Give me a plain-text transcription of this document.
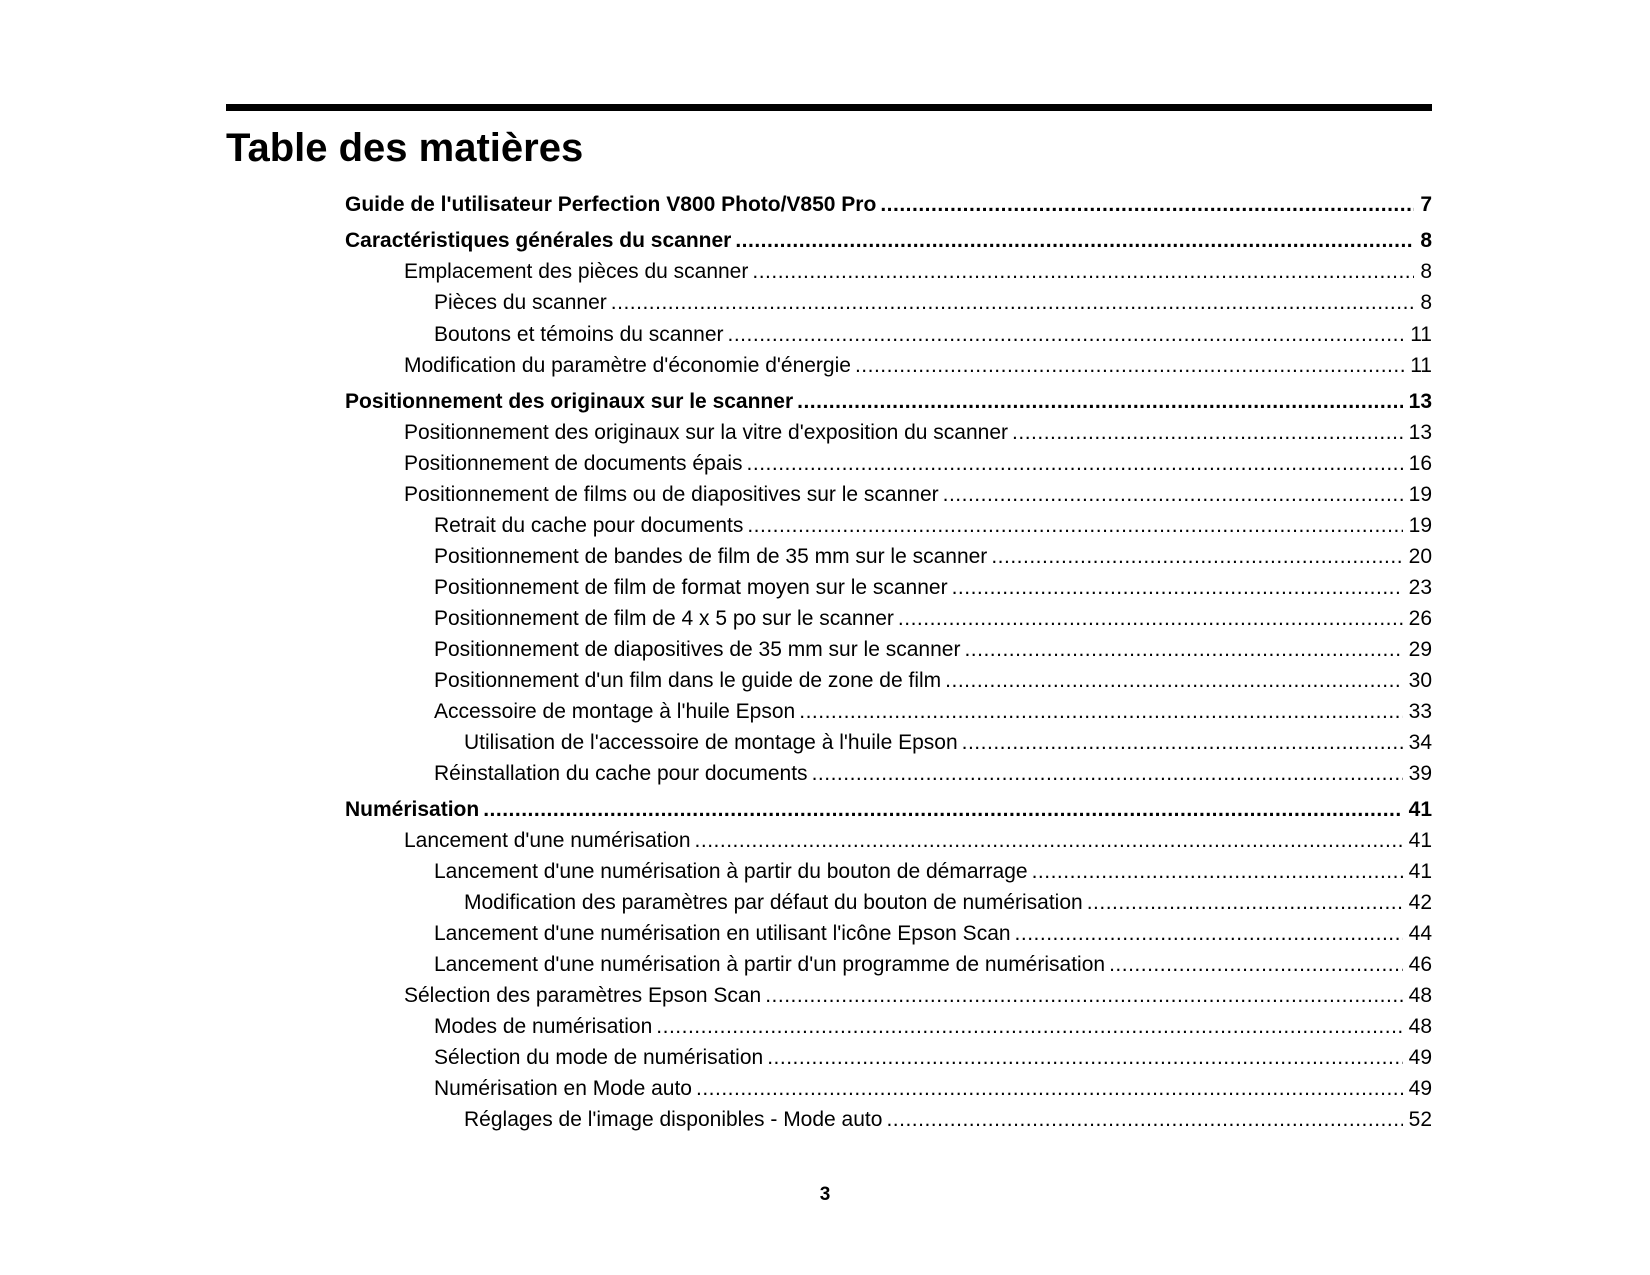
Table des matières
Guide de l'utilisateur Perfection V800 Photo/V850 Pro .....	7
Caractéristiques générales du scanner .....	8
Emplacement des pièces du scanner .....	8
Pièces du scanner .....	8
Boutons et témoins du scanner .....	11
Modification du paramètre d'économie d'énergie .....	11
Positionnement des originaux sur le scanner .....	13
Positionnement des originaux sur la vitre d'exposition du scanner .....	13
Positionnement de documents épais .....	16
Positionnement de films ou de diapositives sur le scanner .....	19
Retrait du cache pour documents .....	19
Positionnement de bandes de film de 35 mm sur le scanner .....	20
Positionnement de film de format moyen sur le scanner .....	23
Positionnement de film de 4 x 5 po sur le scanner .....	26
Positionnement de diapositives de 35 mm sur le scanner .....	29
Positionnement d'un film dans le guide de zone de film .....	30
Accessoire de montage à l'huile Epson .....	33
Utilisation de l'accessoire de montage à l'huile Epson .....	34
Réinstallation du cache pour documents .....	39
Numérisation .....	41
Lancement d'une numérisation .....	41
Lancement d'une numérisation à partir du bouton de démarrage .....	41
Modification des paramètres par défaut du bouton de numérisation .....	42
Lancement d'une numérisation en utilisant l'icône Epson Scan .....	44
Lancement d'une numérisation à partir d'un programme de numérisation .....	46
Sélection des paramètres Epson Scan .....	48
Modes de numérisation .....	48
Sélection du mode de numérisation .....	49
Numérisation en Mode auto .....	49
Réglages de l'image disponibles - Mode auto .....	52
3
